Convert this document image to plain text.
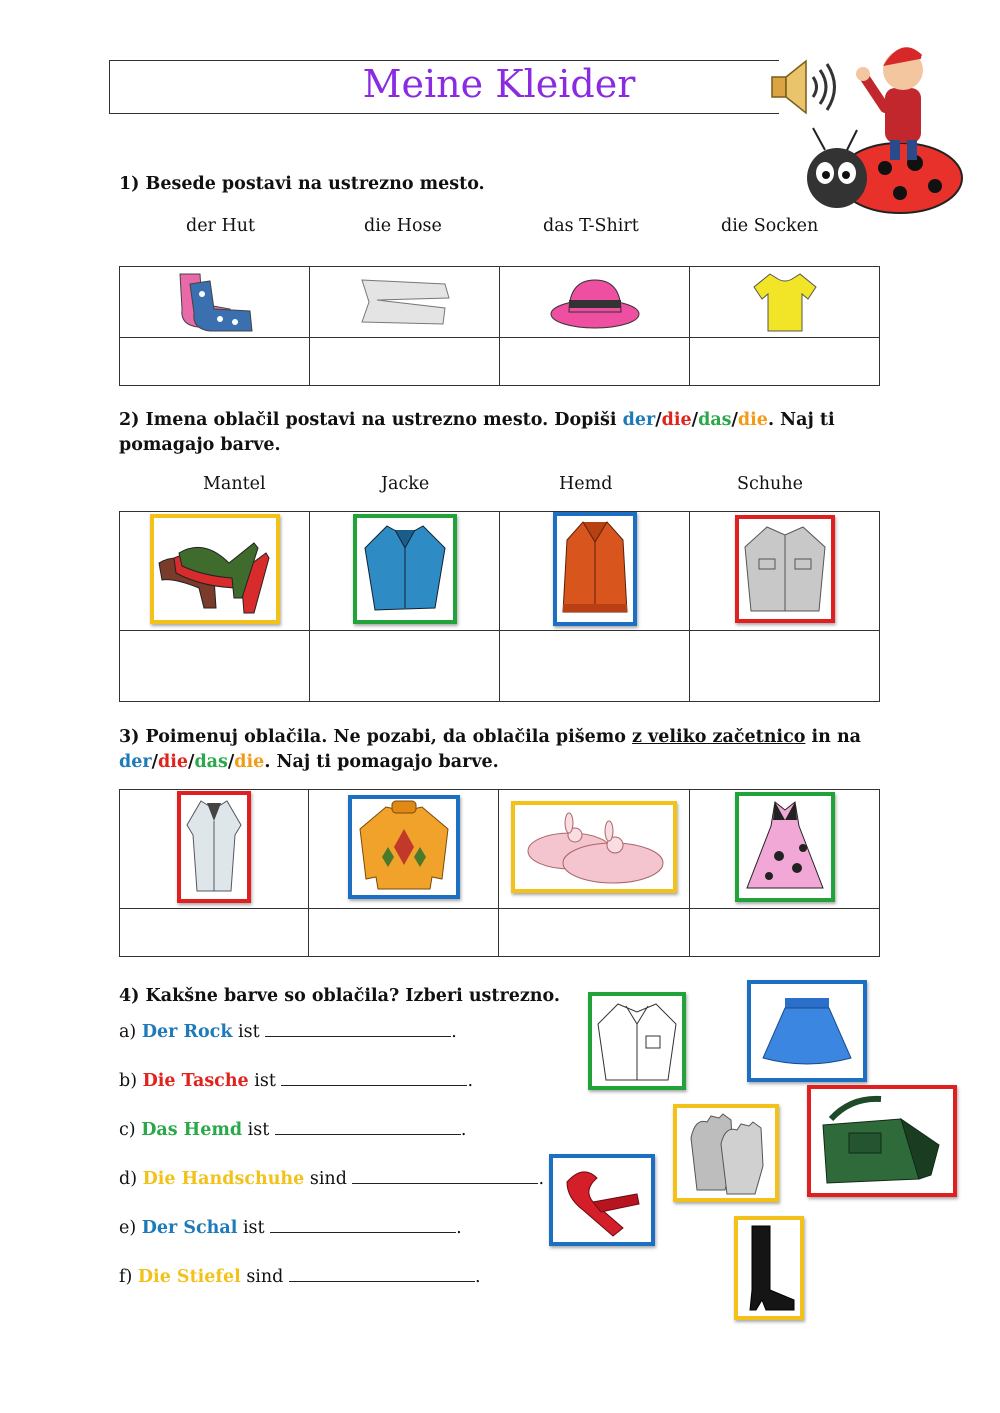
Meine Kleider
1) Besede postavi na ustrezno mesto.
der Hut	die Hose	das T-Shirt	die Socken

2) Imena oblačil postavi na ustrezno mesto. Dopiši der/die/das/die. Naj ti
pomagajo barve.
Mantel	Jacke	Hemd	Schuhe

3) Poimenuj oblačila. Ne pozabi, da oblačila pišemo z veliko začetnico in na
der/die/das/die. Naj ti pomagajo barve.

4) Kakšne barve so oblačila? Izberi ustrezno.
a) Der Rock ist	.
b) Die Tasche ist	.
c) Das Hemd ist	.
d) Die Handschuhe sind	.
e) Der Schal ist	.
f) Die Stiefel sind	.
